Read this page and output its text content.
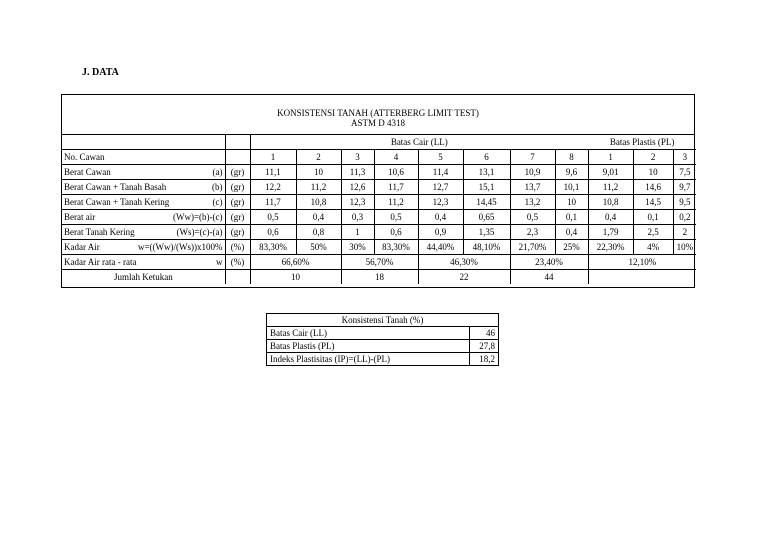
J. DATA
KONSISTENSI TANAH (ATTERBERG LIMIT TEST)
ASTM D 4318
		Batas Cair (LL)								Batas Plastis (PL)		
No. Cawan		1	2	3	4	5	6	7	8	1	2	3

Berat Cawan (a)	(gr)	11,1	10	11,3	10,6	11,4	13,1	10,9	9,6	9,01	10	7,5

Berat Cawan + Tanah Basah (b)	(gr)	12,2	11,2	12,6	11,7	12,7	15,1	13,7	10,1	11,2	14,6	9,7

Berat Cawan + Tanah Kering (c)	(gr)	11,7	10,8	12,3	11,2	12,3	14,45	13,2	10	10,8	14,5	9,5

Berat air (Ww)=(b)-(c)	(gr)	0,5	0,4	0,3	0,5	0,4	0,65	0,5	0,1	0,4	0,1	0,2

Berat Tanah Kering (Ws)=(c)-(a)	(gr)	0,6	0,8	1	0,6	0,9	1,35	2,3	0,4	1,79	2,5	2

Kadar Air w=((Ww)/(Ws))x100%	(%)	83,30%	50%	30%	83,30%	44,40%	48,10%	21,70%	25%	22,30%	4%	10%

Kadar Air rata - rata w	(%)	66,60%		56,70%		46,30%		23,40%		12,10%		

Jumlah Ketukan		10		18		22		44				
Konsistensi Tanah (%)	
Batas Cair (LL)	46
Batas Plastis (PL)	27,8
Indeks Plastisitas (IP)=(LL)-(PL)	18,2
